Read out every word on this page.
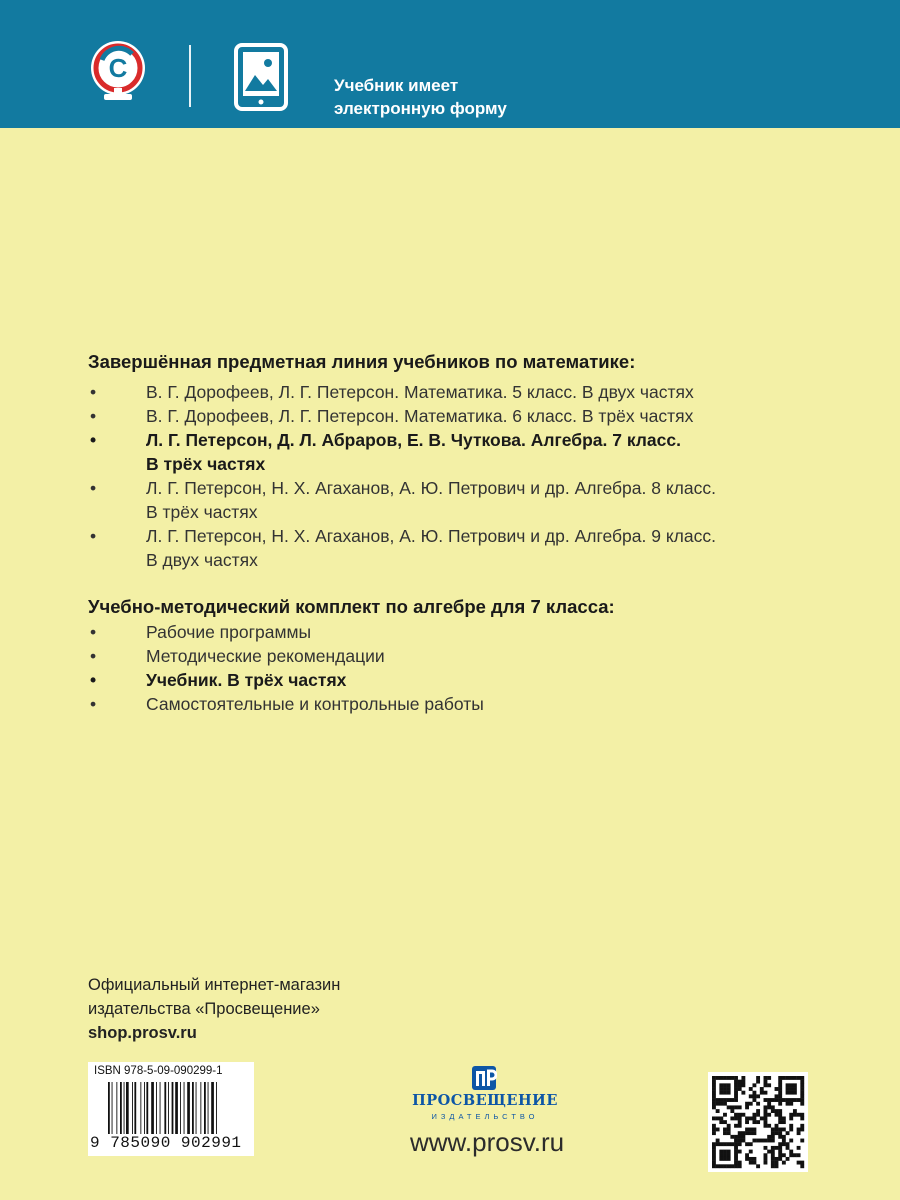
C
Учебник имеет
электронную форму
Завершённая предметная линия учебников по математике:
•	В. Г. Дорофеев, Л. Г. Петерсон. Математика. 5 класс. В двух частях
•	В. Г. Дорофеев, Л. Г. Петерсон. Математика. 6 класс. В трёх частях
•	Л. Г. Петерсон, Д. Л. Абраров, Е. В. Чуткова. Алгебра. 7 класс.
В трёх частях
•	Л. Г. Петерсон, Н. Х. Агаханов, А. Ю. Петрович и др. Алгебра. 8 класс.
В трёх частях
•	Л. Г. Петерсон, Н. Х. Агаханов, А. Ю. Петрович и др. Алгебра. 9 класс.
В двух частях
Учебно-методический комплект по алгебре для 7 класса:
•	Рабочие программы
•	Методические рекомендации
•	Учебник. В трёх частях
•	Самостоятельные и контрольные работы
Официальный интернет-магазин
издательства «Просвещение»
shop.prosv.ru
ISBN 978-5-09-090299-1
9 785090 902991
ПРОСВЕЩЕНИЕ
ИЗДАТЕЛЬСТВО
www.prosv.ru
